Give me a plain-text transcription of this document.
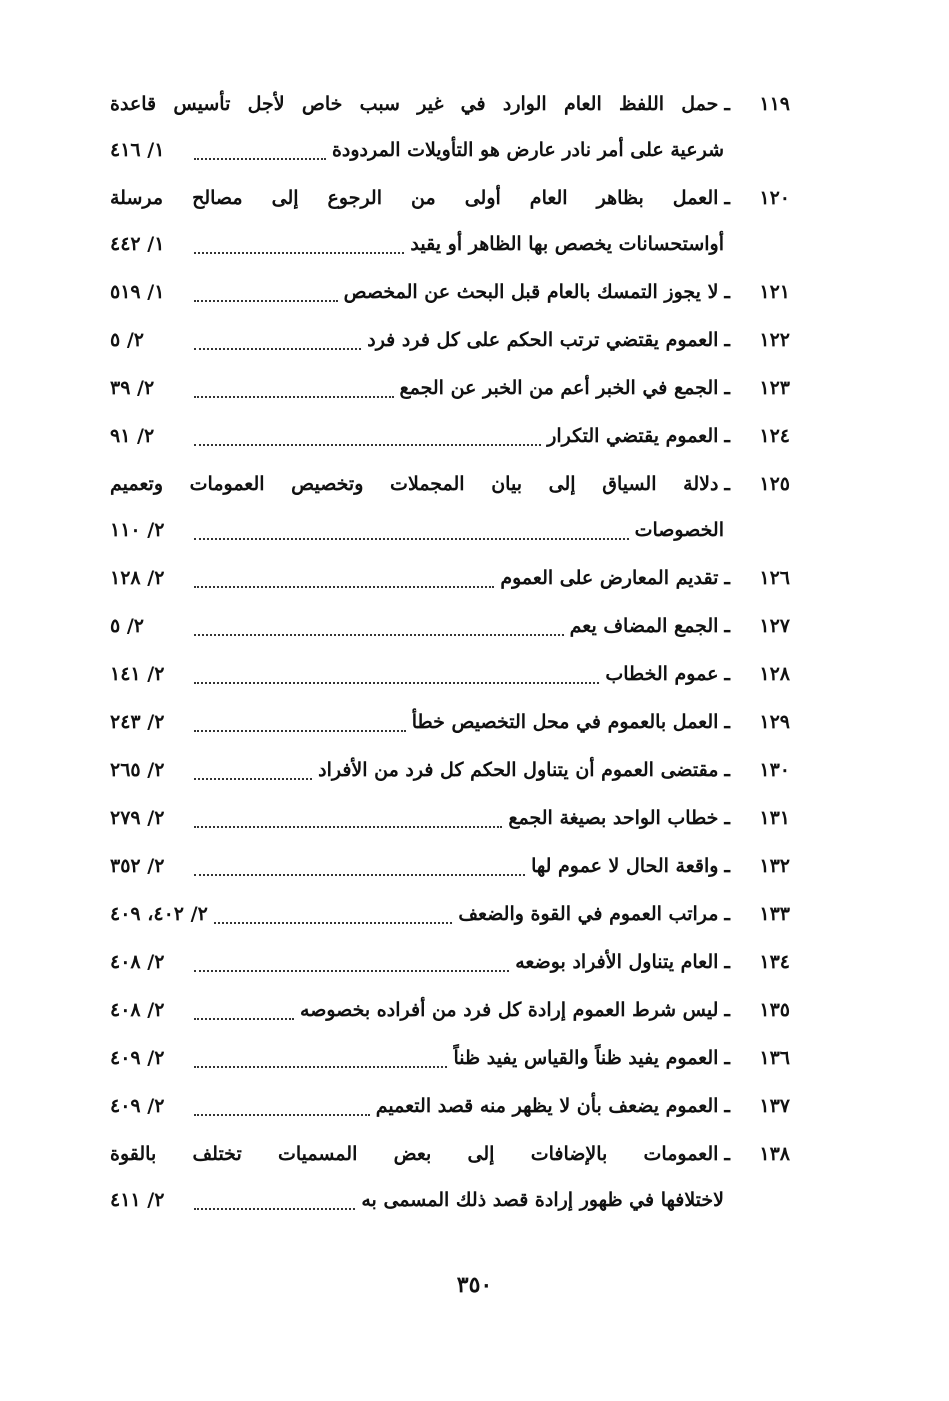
١١٩
ـ
حمل اللفظ العام الوارد في غير سبب خاص لأجل تأسيس قاعدة
شرعية على أمر نادر عارض هو التأويلات المردودة
١/ ٤١٦
١٢٠
ـ
العمل بظاهر العام أولى من الرجوع إلى مصالح مرسلة
أواستحسانات يخصص بها الظاهر أو يقيد
١/ ٤٤٢
١٢١
ـ
لا يجوز التمسك بالعام قبل البحث عن المخصص
١/ ٥١٩
١٢٢
ـ
العموم يقتضي ترتب الحكم على كل فرد فرد
٢/ ٥
١٢٣
ـ
الجمع في الخبر أعم من الخبر عن الجمع
٢/ ٣٩
١٢٤
ـ
العموم يقتضي التكرار
٢/ ٩١
١٢٥
ـ
دلالة السياق إلى بيان المجملات وتخصيص العمومات وتعميم
الخصوصات
٢/ ١١٠
١٢٦
ـ
تقديم المعارض على العموم
٢/ ١٢٨
١٢٧
ـ
الجمع المضاف يعم
٢/ ٥
١٢٨
ـ
عموم الخطاب
٢/ ١٤١
١٢٩
ـ
العمل بالعموم في محل التخصيص خطأ
٢/ ٢٤٣
١٣٠
ـ
مقتضى العموم أن يتناول الحكم كل فرد من الأفراد
٢/ ٢٦٥
١٣١
ـ
خطاب الواحد بصيغة الجمع
٢/ ٢٧٩
١٣٢
ـ
واقعة الحال لا عموم لها
٢/ ٣٥٢
١٣٣
ـ
مراتب العموم في القوة والضعف
٢/ ٤٠٢، ٤٠٩
١٣٤
ـ
العام يتناول الأفراد بوضعه
٢/ ٤٠٨
١٣٥
ـ
ليس شرط العموم إرادة كل فرد من أفراده بخصوصه
٢/ ٤٠٨
١٣٦
ـ
العموم يفيد ظناً والقياس يفيد ظناً
٢/ ٤٠٩
١٣٧
ـ
العموم يضعف بأن لا يظهر منه قصد التعميم
٢/ ٤٠٩
١٣٨
ـ
العمومات بالإضافات إلى بعض المسميات تختلف بالقوة
لاختلافها في ظهور إرادة قصد ذلك المسمى به
٢/ ٤١١
٣٥٠
